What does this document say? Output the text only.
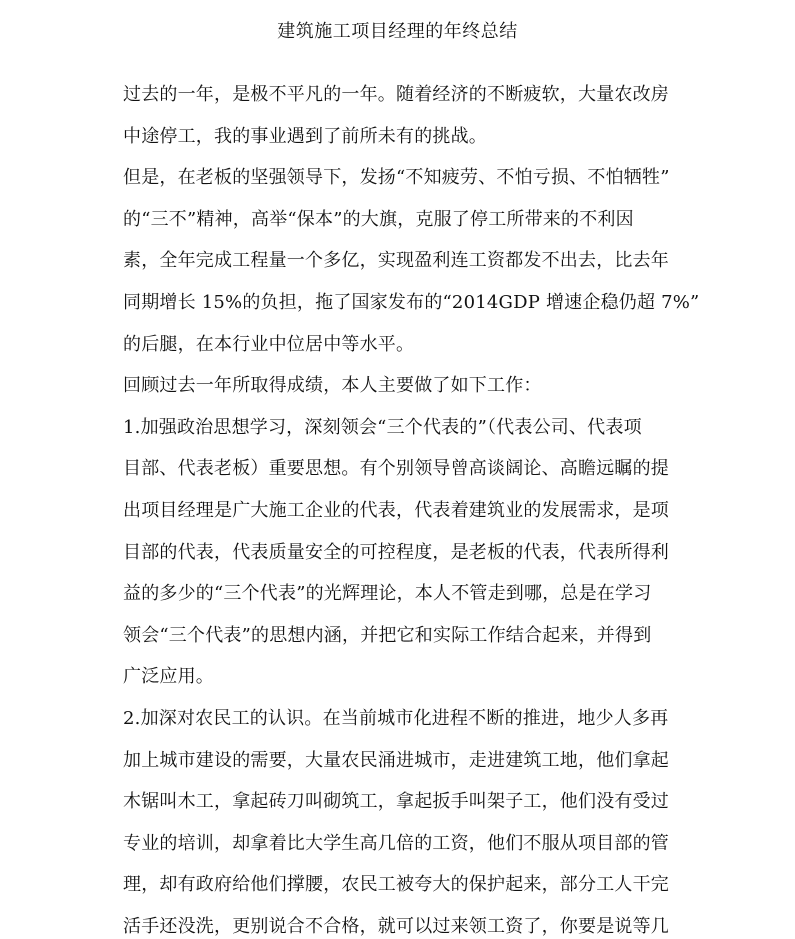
建筑施工项目经理的年终总结
过去的一年，是极不平凡的一年。随着经济的不断疲软，大量农改房
中途停工，我的事业遇到了前所未有的挑战。
但是，在老板的坚强领导下，发扬“不知疲劳、不怕亏损、不怕牺牲”
的“三不”精神，高举“保本”的大旗，克服了停工所带来的不利因
素，全年完成工程量一个多亿，实现盈利连工资都发不出去，比去年
同期增长 15%的负担，拖了国家发布的“2014GDP 增速企稳仍超 7%”
的后腿，在本行业中位居中等水平。
回顾过去一年所取得成绩，本人主要做了如下工作：
1.加强政治思想学习，深刻领会“三个代表的”（代表公司、代表项
目部、代表老板）重要思想。有个别领导曾高谈阔论、高瞻远瞩的提
出项目经理是广大施工企业的代表，代表着建筑业的发展需求，是项
目部的代表，代表质量安全的可控程度，是老板的代表，代表所得利
益的多少的“三个代表”的光辉理论，本人不管走到哪，总是在学习
领会“三个代表”的思想内涵，并把它和实际工作结合起来，并得到
广泛应用。
2.加深对农民工的认识。在当前城市化进程不断的推进，地少人多再
加上城市建设的需要，大量农民涌进城市，走进建筑工地，他们拿起
木锯叫木工，拿起砖刀叫砌筑工，拿起扳手叫架子工，他们没有受过
专业的培训，却拿着比大学生高几倍的工资，他们不服从项目部的管
理，却有政府给他们撑腰，农民工被夸大的保护起来，部分工人干完
活手还没洗，更别说合不合格，就可以过来领工资了，你要是说等几
